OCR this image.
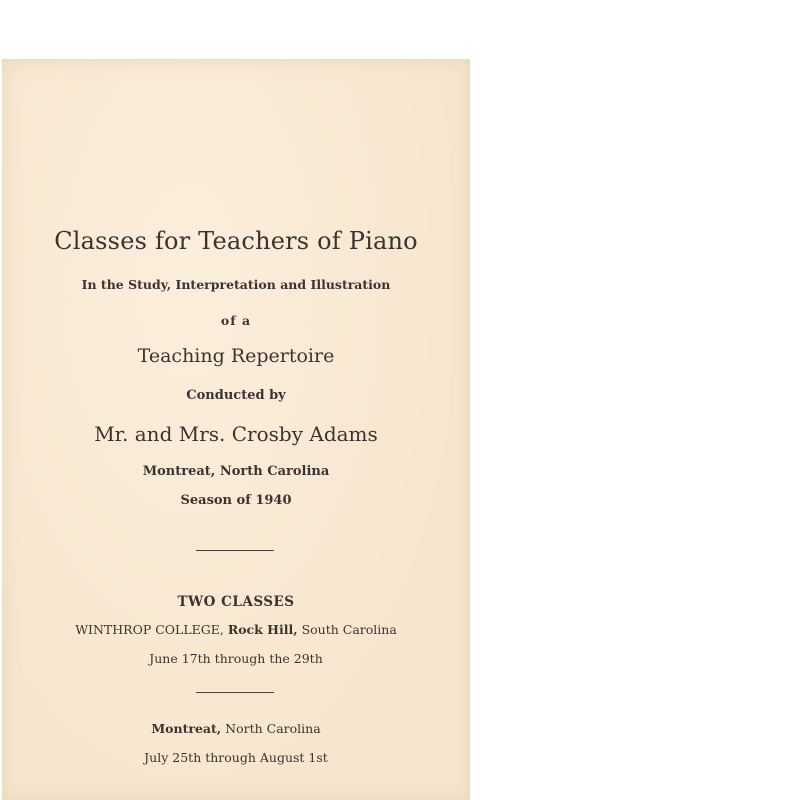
Classes for Teachers of Piano
In the Study, Interpretation and Illustration
of a
Teaching Repertoire
Conducted by
Mr. and Mrs. Crosby Adams
Montreat, North Carolina
Season of 1940
TWO CLASSES
WINTHROP COLLEGE, Rock Hill, South Carolina
June 17th through the 29th
Montreat, North Carolina
July 25th through August 1st
